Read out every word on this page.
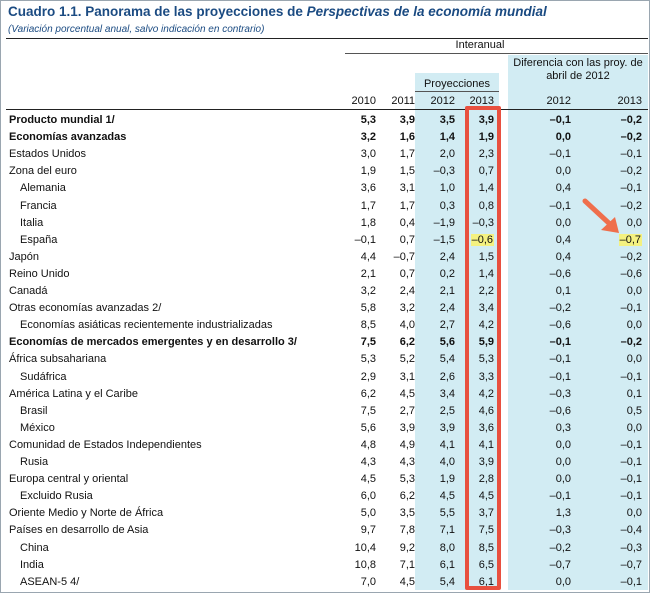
Cuadro 1.1. Panorama de las proyecciones de Perspectivas de la economía mundial
(Variación porcentual anual, salvo indicación en contrario)
Interanual
Proyecciones
Diferencia con las proy. de abril de 2012
2010	2011	2012	2013	2012	2013
Producto mundial 1/	5,3	3,9	3,5	3,9	–0,1	–0,2
Economías avanzadas	3,2	1,6	1,4	1,9	0,0	–0,2
Estados Unidos	3,0	1,7	2,0	2,3	–0,1	–0,1
Zona del euro	1,9	1,5	–0,3	0,7	0,0	–0,2
Alemania	3,6	3,1	1,0	1,4	0,4	–0,1
Francia	1,7	1,7	0,3	0,8	–0,1	–0,2
Italia	1,8	0,4	–1,9	–0,3	0,0	0,0
España	–0,1	0,7	–1,5	–0,6	0,4	–0,7
Japón	4,4	–0,7	2,4	1,5	0,4	–0,2
Reino Unido	2,1	0,7	0,2	1,4	–0,6	–0,6
Canadá	3,2	2,4	2,1	2,2	0,1	0,0
Otras economías avanzadas 2/	5,8	3,2	2,4	3,4	–0,2	–0,1
Economías asiáticas recientemente industrializadas	8,5	4,0	2,7	4,2	–0,6	0,0
Economías de mercados emergentes y en desarrollo 3/	7,5	6,2	5,6	5,9	–0,1	–0,2
África subsahariana	5,3	5,2	5,4	5,3	–0,1	0,0
Sudáfrica	2,9	3,1	2,6	3,3	–0,1	–0,1
América Latina y el Caribe	6,2	4,5	3,4	4,2	–0,3	0,1
Brasil	7,5	2,7	2,5	4,6	–0,6	0,5
México	5,6	3,9	3,9	3,6	0,3	0,0
Comunidad de Estados Independientes	4,8	4,9	4,1	4,1	0,0	–0,1
Rusia	4,3	4,3	4,0	3,9	0,0	–0,1
Europa central y oriental	4,5	5,3	1,9	2,8	0,0	–0,1
Excluido Rusia	6,0	6,2	4,5	4,5	–0,1	–0,1
Oriente Medio y Norte de África	5,0	3,5	5,5	3,7	1,3	0,0
Países en desarrollo de Asia	9,7	7,8	7,1	7,5	–0,3	–0,4
China	10,4	9,2	8,0	8,5	–0,2	–0,3
India	10,8	7,1	6,1	6,5	–0,7	–0,7
ASEAN-5 4/	7,0	4,5	5,4	6,1	0,0	–0,1
